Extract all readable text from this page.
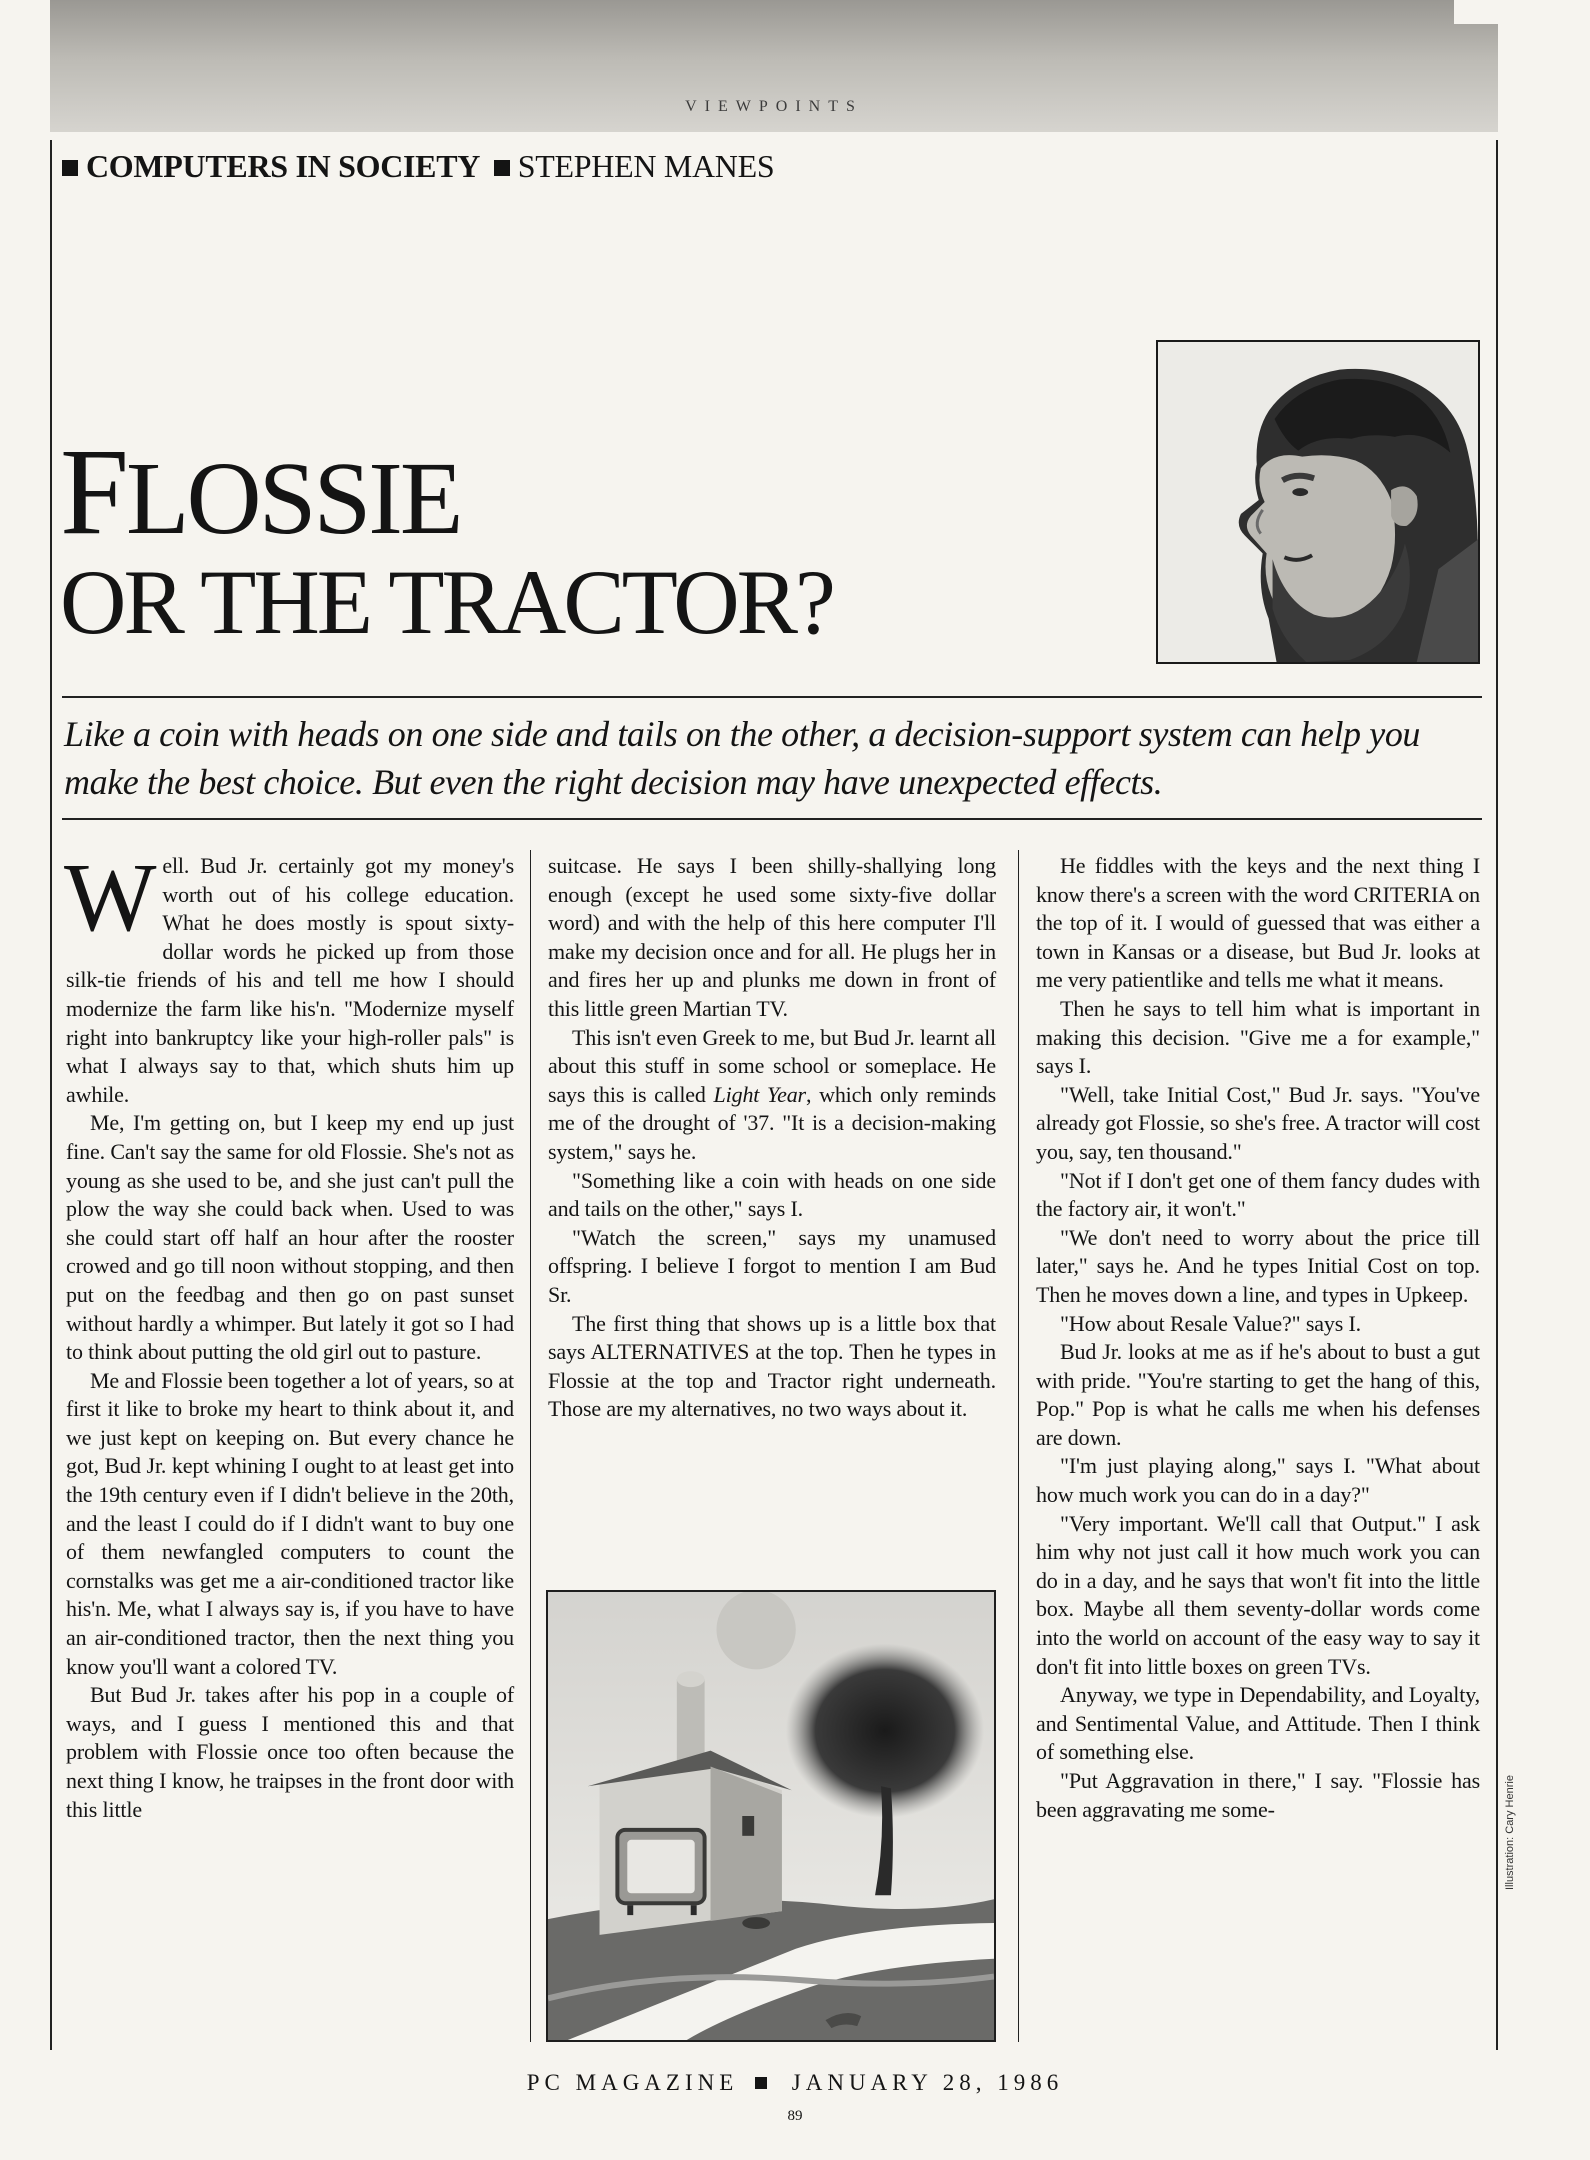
VIEWPOINTS
COMPUTERS IN SOCIETY STEPHEN MANES
FLOSSIE
OR THE TRACTOR?

Like a coin with heads on one side and tails on the other, a decision-support system can help you make the best choice. But even the right decision may have unexpected effects.

Well. Bud Jr. certainly got my money's worth out of his college education. What he does mostly is spout sixty-dollar words he picked up from those silk-tie friends of his and tell me how I should modernize the farm like his'n. "Modernize myself right into bankruptcy like your high-roller pals" is what I always say to that, which shuts him up awhile.

Me, I'm getting on, but I keep my end up just fine. Can't say the same for old Flossie. She's not as young as she used to be, and she just can't pull the plow the way she could back when. Used to was she could start off half an hour after the rooster crowed and go till noon without stopping, and then put on the feedbag and then go on past sunset without hardly a whimper. But lately it got so I had to think about putting the old girl out to pasture.

Me and Flossie been together a lot of years, so at first it like to broke my heart to think about it, and we just kept on keeping on. But every chance he got, Bud Jr. kept whining I ought to at least get into the 19th century even if I didn't believe in the 20th, and the least I could do if I didn't want to buy one of them newfangled computers to count the cornstalks was get me a air-conditioned tractor like his'n. Me, what I always say is, if you have to have an air-conditioned tractor, then the next thing you know you'll want a colored TV.

But Bud Jr. takes after his pop in a couple of ways, and I guess I mentioned this and that problem with Flossie once too often because the next thing I know, he traipses in the front door with this little

suitcase. He says I been shilly-shallying long enough (except he used some sixty-five dollar word) and with the help of this here computer I'll make my decision once and for all. He plugs her in and fires her up and plunks me down in front of this little green Martian TV.

This isn't even Greek to me, but Bud Jr. learnt all about this stuff in some school or someplace. He says this is called Light Year, which only reminds me of the drought of '37. "It is a decision-making system," says he.

"Something like a coin with heads on one side and tails on the other," says I.

"Watch the screen," says my unamused offspring. I believe I forgot to mention I am Bud Sr.

The first thing that shows up is a little box that says ALTERNATIVES at the top. Then he types in Flossie at the top and Tractor right underneath. Those are my alternatives, no two ways about it.

He fiddles with the keys and the next thing I know there's a screen with the word CRITERIA on the top of it. I would of guessed that was either a town in Kansas or a disease, but Bud Jr. looks at me very patientlike and tells me what it means.

Then he says to tell him what is important in making this decision. "Give me a for example," says I.

"Well, take Initial Cost," Bud Jr. says. "You've already got Flossie, so she's free. A tractor will cost you, say, ten thousand."

"Not if I don't get one of them fancy dudes with the factory air, it won't."

"We don't need to worry about the price till later," says he. And he types Initial Cost on top. Then he moves down a line, and types in Upkeep.

"How about Resale Value?" says I.

Bud Jr. looks at me as if he's about to bust a gut with pride. "You're starting to get the hang of this, Pop." Pop is what he calls me when his defenses are down.

"I'm just playing along," says I. "What about how much work you can do in a day?"

"Very important. We'll call that Output." I ask him why not just call it how much work you can do in a day, and he says that won't fit into the little box. Maybe all them seventy-dollar words come into the world on account of the easy way to say it don't fit into little boxes on green TVs.

Anyway, we type in Dependability, and Loyalty, and Sentimental Value, and Attitude. Then I think of something else.

"Put Aggravation in there," I say. "Flossie has been aggravating me some-	Illustration: Cary Henrie
PC MAGAZINE JANUARY 28, 1986
89
